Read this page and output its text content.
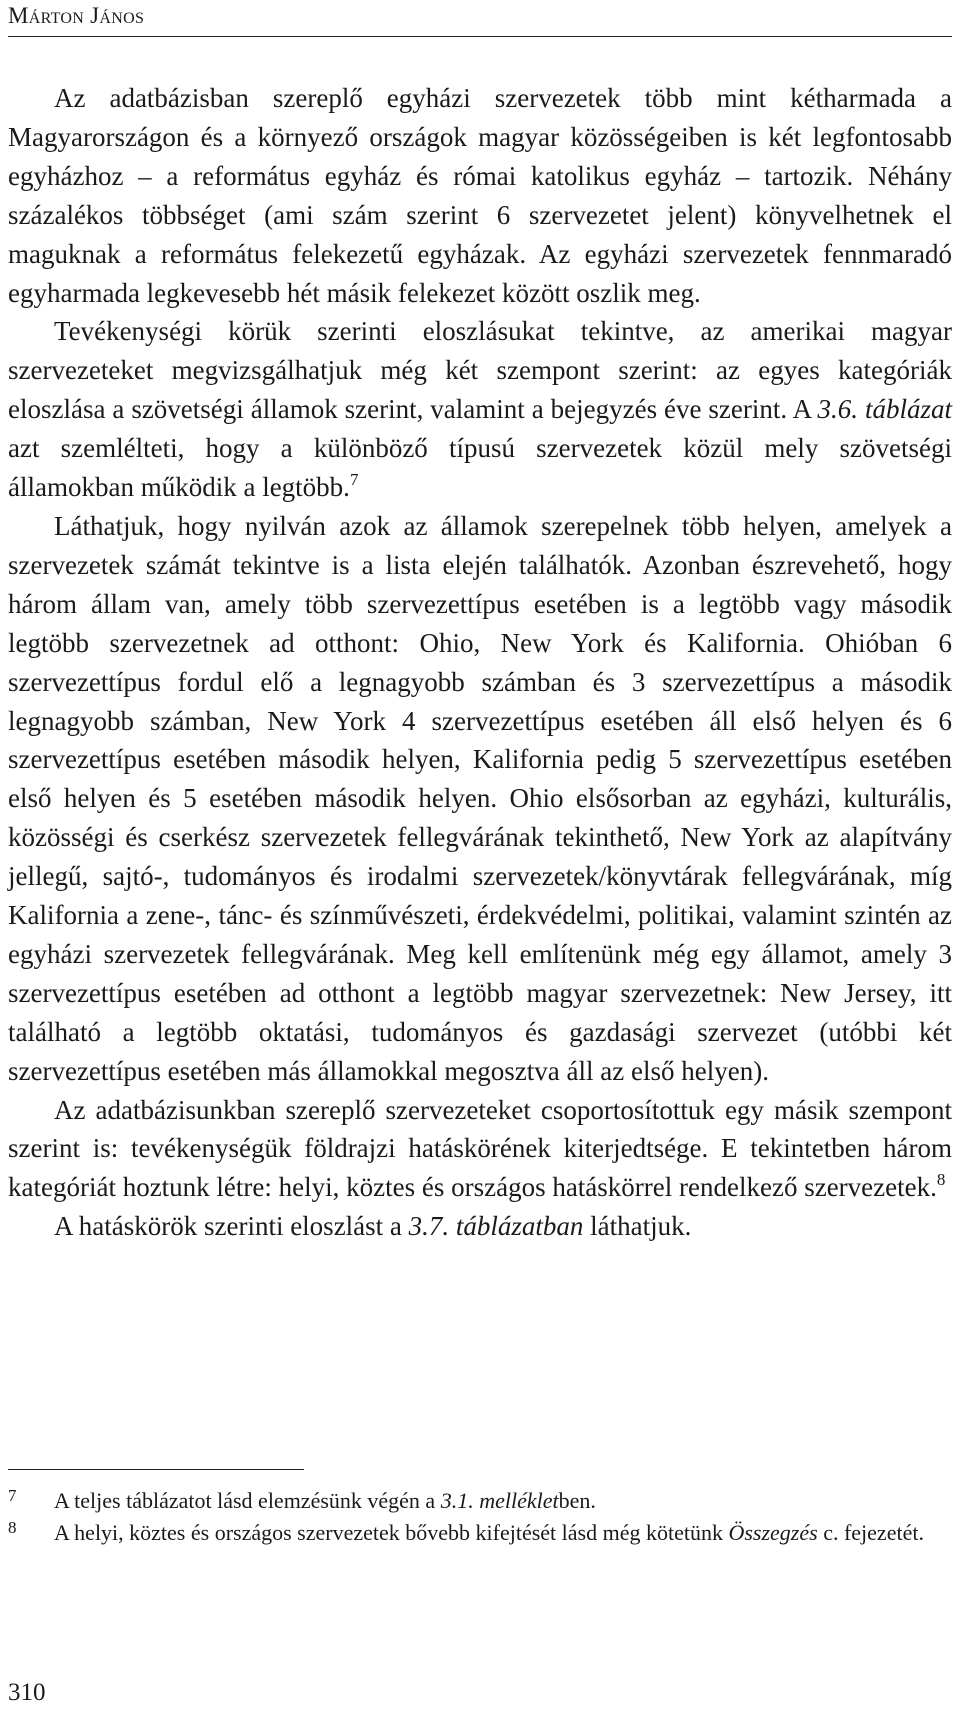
Márton János

Az adatbázisban szereplő egyházi szervezetek több mint kétharmada a Magyarországon és a környező országok magyar közösségeiben is két legfontosabb egyházhoz – a református egyház és római katolikus egyház – tartozik. Néhány százalékos többséget (ami szám szerint 6 szervezetet jelent) könyvelhetnek el maguknak a református felekezetű egyházak. Az egyházi szervezetek fennmaradó egyharmada legkevesebb hét másik felekezet között oszlik meg.

Tevékenységi körük szerinti eloszlásukat tekintve, az amerikai magyar szervezeteket megvizsgálhatjuk még két szempont szerint: az egyes kategóriák eloszlása a szövetségi államok szerint, valamint a bejegyzés éve szerint. A 3.6. táblázat azt szemlélteti, hogy a különböző típusú szervezetek közül mely szövetségi államokban működik a legtöbb.$^7$

Láthatjuk, hogy nyilván azok az államok szerepelnek több helyen, amelyek a szervezetek számát tekintve is a lista elején találhatók. Azonban észrevehető, hogy három állam van, amely több szervezettípus esetében is a legtöbb vagy második legtöbb szervezetnek ad otthont: Ohio, New York és Kalifornia. Ohióban 6 szervezettípus fordul elő a legnagyobb számban és 3 szervezettípus a második legnagyobb számban, New York 4 szervezettípus esetében áll első helyen és 6 szervezettípus esetében második helyen, Kalifornia pedig 5 szervezettípus esetében első helyen és 5 esetében második helyen. Ohio elsősorban az egyházi, kulturális, közösségi és cserkész szervezetek fellegvárának tekinthető, New York az alapítvány jellegű, sajtó-, tudományos és irodalmi szervezetek/könyvtárak fellegvárának, míg Kalifornia a zene-, tánc- és színművészeti, érdekvédelmi, politikai, valamint szintén az egyházi szervezetek fellegvárának. Meg kell említenünk még egy államot, amely 3 szervezettípus esetében ad otthont a legtöbb magyar szervezetnek: New Jersey, itt található a legtöbb oktatási, tudományos és gazdasági szervezet (utóbbi két szervezettípus esetében más államokkal megosztva áll az első helyen).

Az adatbázisunkban szereplő szervezeteket csoportosítottuk egy másik szempont szerint is: tevékenységük földrajzi hatáskörének kiterjedtsége. E tekintetben három kategóriát hoztunk létre: helyi, köztes és országos hatáskörrel rendelkező szervezetek.$^8$

A hatáskörök szerinti eloszlást a 3.7. táblázatban láthatjuk.

7 A teljes táblázatot lásd elemzésünk végén a 3.1. mellékletben.
8 A helyi, köztes és országos szervezetek bővebb kifejtését lásd még kötetünk Összegzés c. fejezetét.
310
